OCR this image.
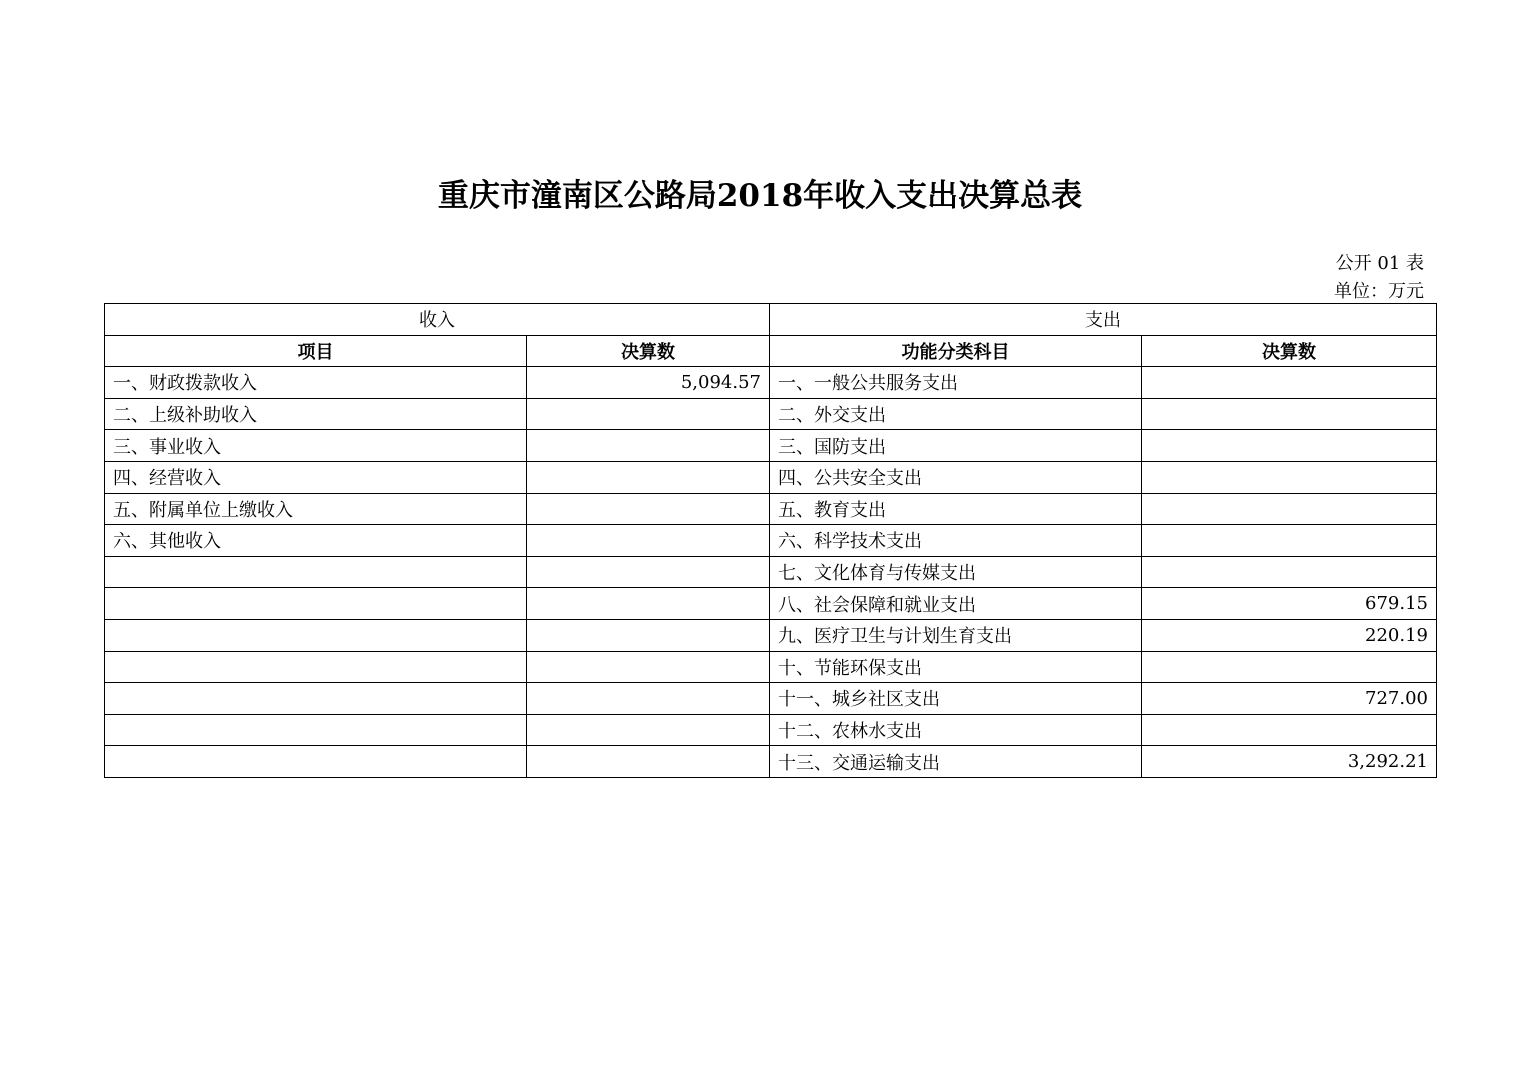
重庆市潼南区公路局2018年收入支出决算总表
公开 01 表
单位：万元
收入		支出	
项目	决算数	功能分类科目	决算数
一、财政拨款收入	5,094.57	一、一般公共服务支出	
二、上级补助收入		二、外交支出	
三、事业收入		三、国防支出	
四、经营收入		四、公共安全支出	
五、附属单位上缴收入		五、教育支出	
六、其他收入		六、科学技术支出	
		七、文化体育与传媒支出	
		八、社会保障和就业支出	679.15
		九、医疗卫生与计划生育支出	220.19
		十、节能环保支出	
		十一、城乡社区支出	727.00
		十二、农林水支出	
		十三、交通运输支出	3,292.21
